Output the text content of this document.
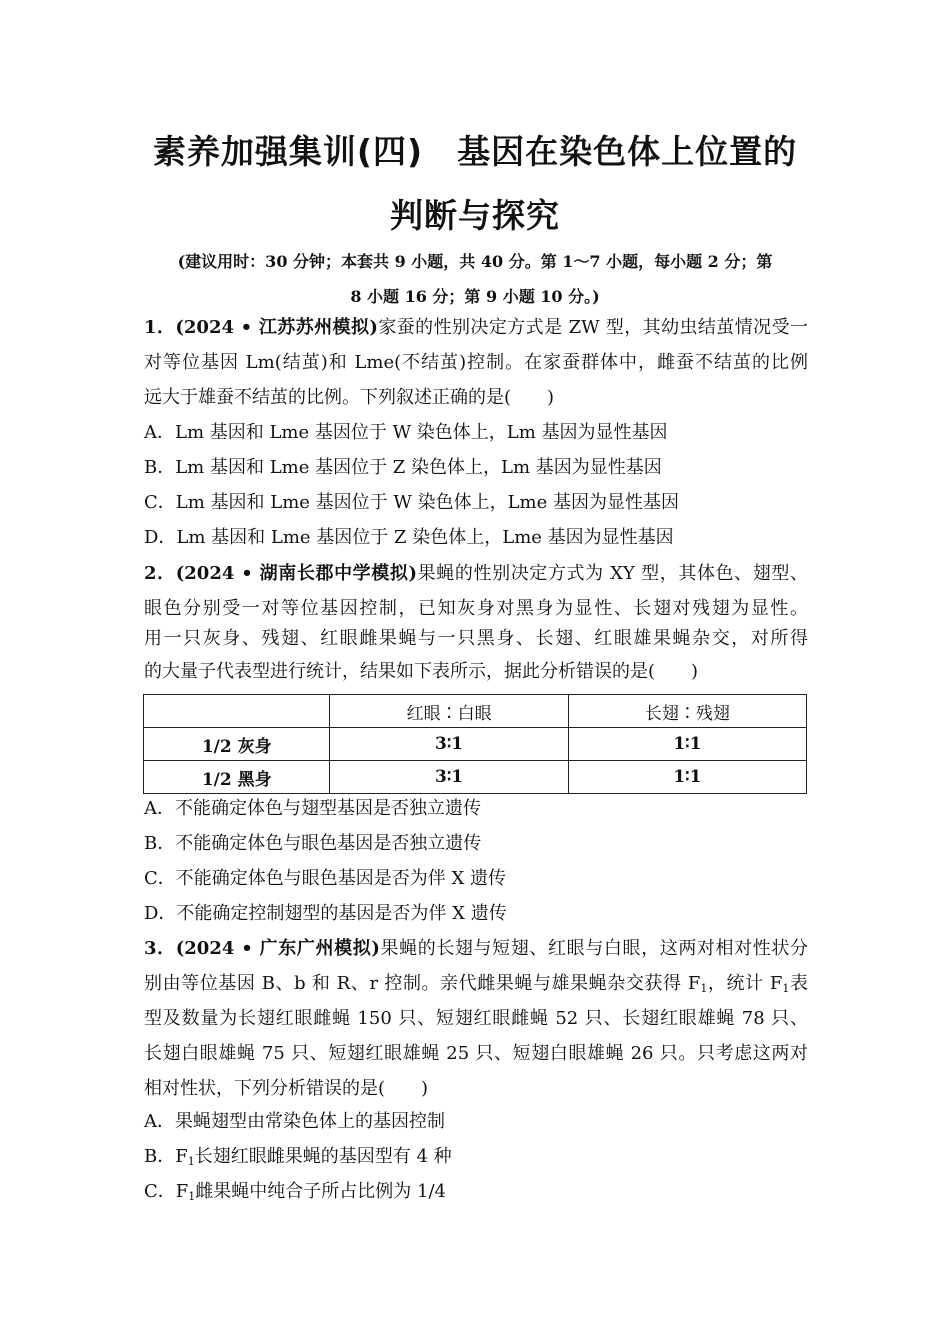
素养加强集训(四)　基因在染色体上位置的
判断与探究
(建议用时：30 分钟；本套共 9 小题，共 40 分。第 1～7 小题，每小题 2 分；第
8 小题 16 分；第 9 小题 10 分。)
1．(2024 • 江苏苏州模拟)家蚕的性别决定方式是 ZW 型，其幼虫结茧情况受一
对等位基因 Lm(结茧)和 Lme(不结茧)控制。在家蚕群体中，雌蚕不结茧的比例
远大于雄蚕不结茧的比例。下列叙述正确的是(　　)
A．Lm 基因和 Lme 基因位于 W 染色体上，Lm 基因为显性基因
B．Lm 基因和 Lme 基因位于 Z 染色体上，Lm 基因为显性基因
C．Lm 基因和 Lme 基因位于 W 染色体上，Lme 基因为显性基因
D．Lm 基因和 Lme 基因位于 Z 染色体上，Lme 基因为显性基因
2．(2024 • 湖南长郡中学模拟)果蝇的性别决定方式为 XY 型，其体色、翅型、
眼色分别受一对等位基因控制，已知灰身对黑身为显性、长翅对残翅为显性。
用一只灰身、残翅、红眼雌果蝇与一只黑身、长翅、红眼雄果蝇杂交，对所得
的大量子代表型进行统计，结果如下表所示，据此分析错误的是(　　)
	红眼∶白眼	长翅∶残翅
1/2 灰身	3∶1	1∶1
1/2 黑身	3∶1	1∶1
A．不能确定体色与翅型基因是否独立遗传
B．不能确定体色与眼色基因是否独立遗传
C．不能确定体色与眼色基因是否为伴 X 遗传
D．不能确定控制翅型的基因是否为伴 X 遗传
3．(2024 • 广东广州模拟)果蝇的长翅与短翅、红眼与白眼，这两对相对性状分
别由等位基因 B、b 和 R、r 控制。亲代雌果蝇与雄果蝇杂交获得 $F_1$，统计 $F_1$表
型及数量为长翅红眼雌蝇 150 只、短翅红眼雌蝇 52 只、长翅红眼雄蝇 78 只、
长翅白眼雄蝇 75 只、短翅红眼雄蝇 25 只、短翅白眼雄蝇 26 只。只考虑这两对
相对性状，下列分析错误的是(　　)
A．果蝇翅型由常染色体上的基因控制
B．$F_1$长翅红眼雌果蝇的基因型有 4 种
C．$F_1$雌果蝇中纯合子所占比例为 1/4
